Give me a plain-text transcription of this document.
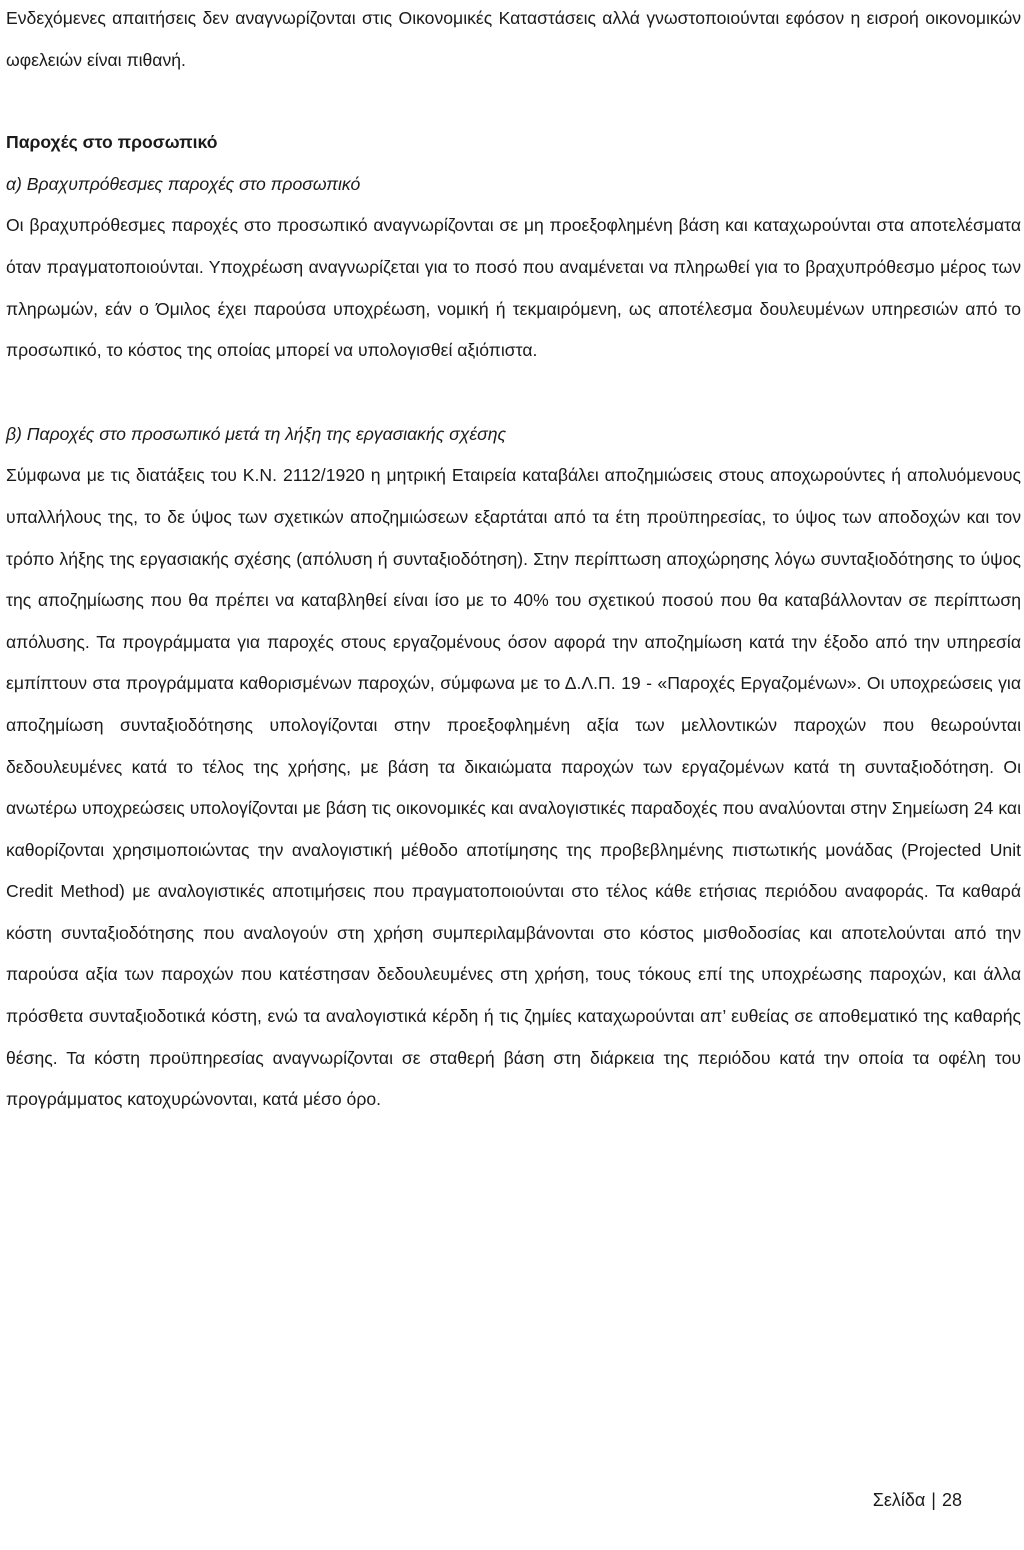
Ενδεχόμενες απαιτήσεις δεν αναγνωρίζονται στις Οικονομικές Καταστάσεις αλλά γνωστοποιούνται εφόσον η εισροή οικονομικών ωφελειών είναι πιθανή.

Παροχές στο προσωπικό

α) Βραχυπρόθεσμες παροχές στο προσωπικό

Οι βραχυπρόθεσμες παροχές στο προσωπικό αναγνωρίζονται σε μη προεξοφλημένη βάση και καταχωρούνται στα αποτελέσματα όταν πραγματοποιούνται. Υποχρέωση αναγνωρίζεται για το ποσό που αναμένεται να πληρωθεί για το βραχυπρόθεσμο μέρος των πληρωμών, εάν ο Όμιλος έχει παρούσα υποχρέωση, νομική ή τεκμαιρόμενη, ως αποτέλεσμα δουλευμένων υπηρεσιών από το προσωπικό, το κόστος της οποίας μπορεί να υπολογισθεί αξιόπιστα.

β) Παροχές στο προσωπικό μετά τη λήξη της εργασιακής σχέσης

Σύμφωνα με τις διατάξεις του Κ.Ν. 2112/1920 η μητρική Εταιρεία καταβάλει αποζημιώσεις στους αποχωρούντες ή απολυόμενους υπαλλήλους της, το δε ύψος των σχετικών αποζημιώσεων εξαρτάται από τα έτη προϋπηρεσίας, το ύψος των αποδοχών και τον τρόπο λήξης της εργασιακής σχέσης (απόλυση ή συνταξιοδότηση). Στην περίπτωση αποχώρησης λόγω συνταξιοδότησης το ύψος της αποζημίωσης που θα πρέπει να καταβληθεί είναι ίσο με το 40% του σχετικού ποσού που θα καταβάλλονταν σε περίπτωση απόλυσης. Τα προγράμματα για παροχές στους εργαζομένους όσον αφορά την αποζημίωση κατά την έξοδο από την υπηρεσία εμπίπτουν στα προγράμματα καθορισμένων παροχών, σύμφωνα με το Δ.Λ.Π. 19 - «Παροχές Εργαζομένων». Οι υποχρεώσεις για αποζημίωση συνταξιοδότησης υπολογίζονται στην προεξοφλημένη αξία των μελλοντικών παροχών που θεωρούνται δεδουλευμένες κατά το τέλος της χρήσης, με βάση τα δικαιώματα παροχών των εργαζομένων κατά τη συνταξιοδότηση. Οι ανωτέρω υποχρεώσεις υπολογίζονται με βάση τις οικονομικές και αναλογιστικές παραδοχές που αναλύονται στην Σημείωση 24 και καθορίζονται χρησιμοποιώντας την αναλογιστική μέθοδο αποτίμησης της προβεβλημένης πιστωτικής μονάδας (Projected Unit Credit Method) με αναλογιστικές αποτιμήσεις που πραγματοποιούνται στο τέλος κάθε ετήσιας περιόδου αναφοράς. Τα καθαρά κόστη συνταξιοδότησης που αναλογούν στη χρήση συμπεριλαμβάνονται στο κόστος μισθοδοσίας και αποτελούνται από την παρούσα αξία των παροχών που κατέστησαν δεδουλευμένες στη χρήση, τους τόκους επί της υποχρέωσης παροχών, και άλλα πρόσθετα συνταξιοδοτικά κόστη, ενώ τα αναλογιστικά κέρδη ή τις ζημίες καταχωρούνται απ’ ευθείας σε αποθεματικό της καθαρής θέσης. Τα κόστη προϋπηρεσίας αναγνωρίζονται σε σταθερή βάση στη διάρκεια της περιόδου κατά την οποία τα οφέλη του προγράμματος κατοχυρώνονται, κατά μέσο όρο.

Σελίδα | 28
